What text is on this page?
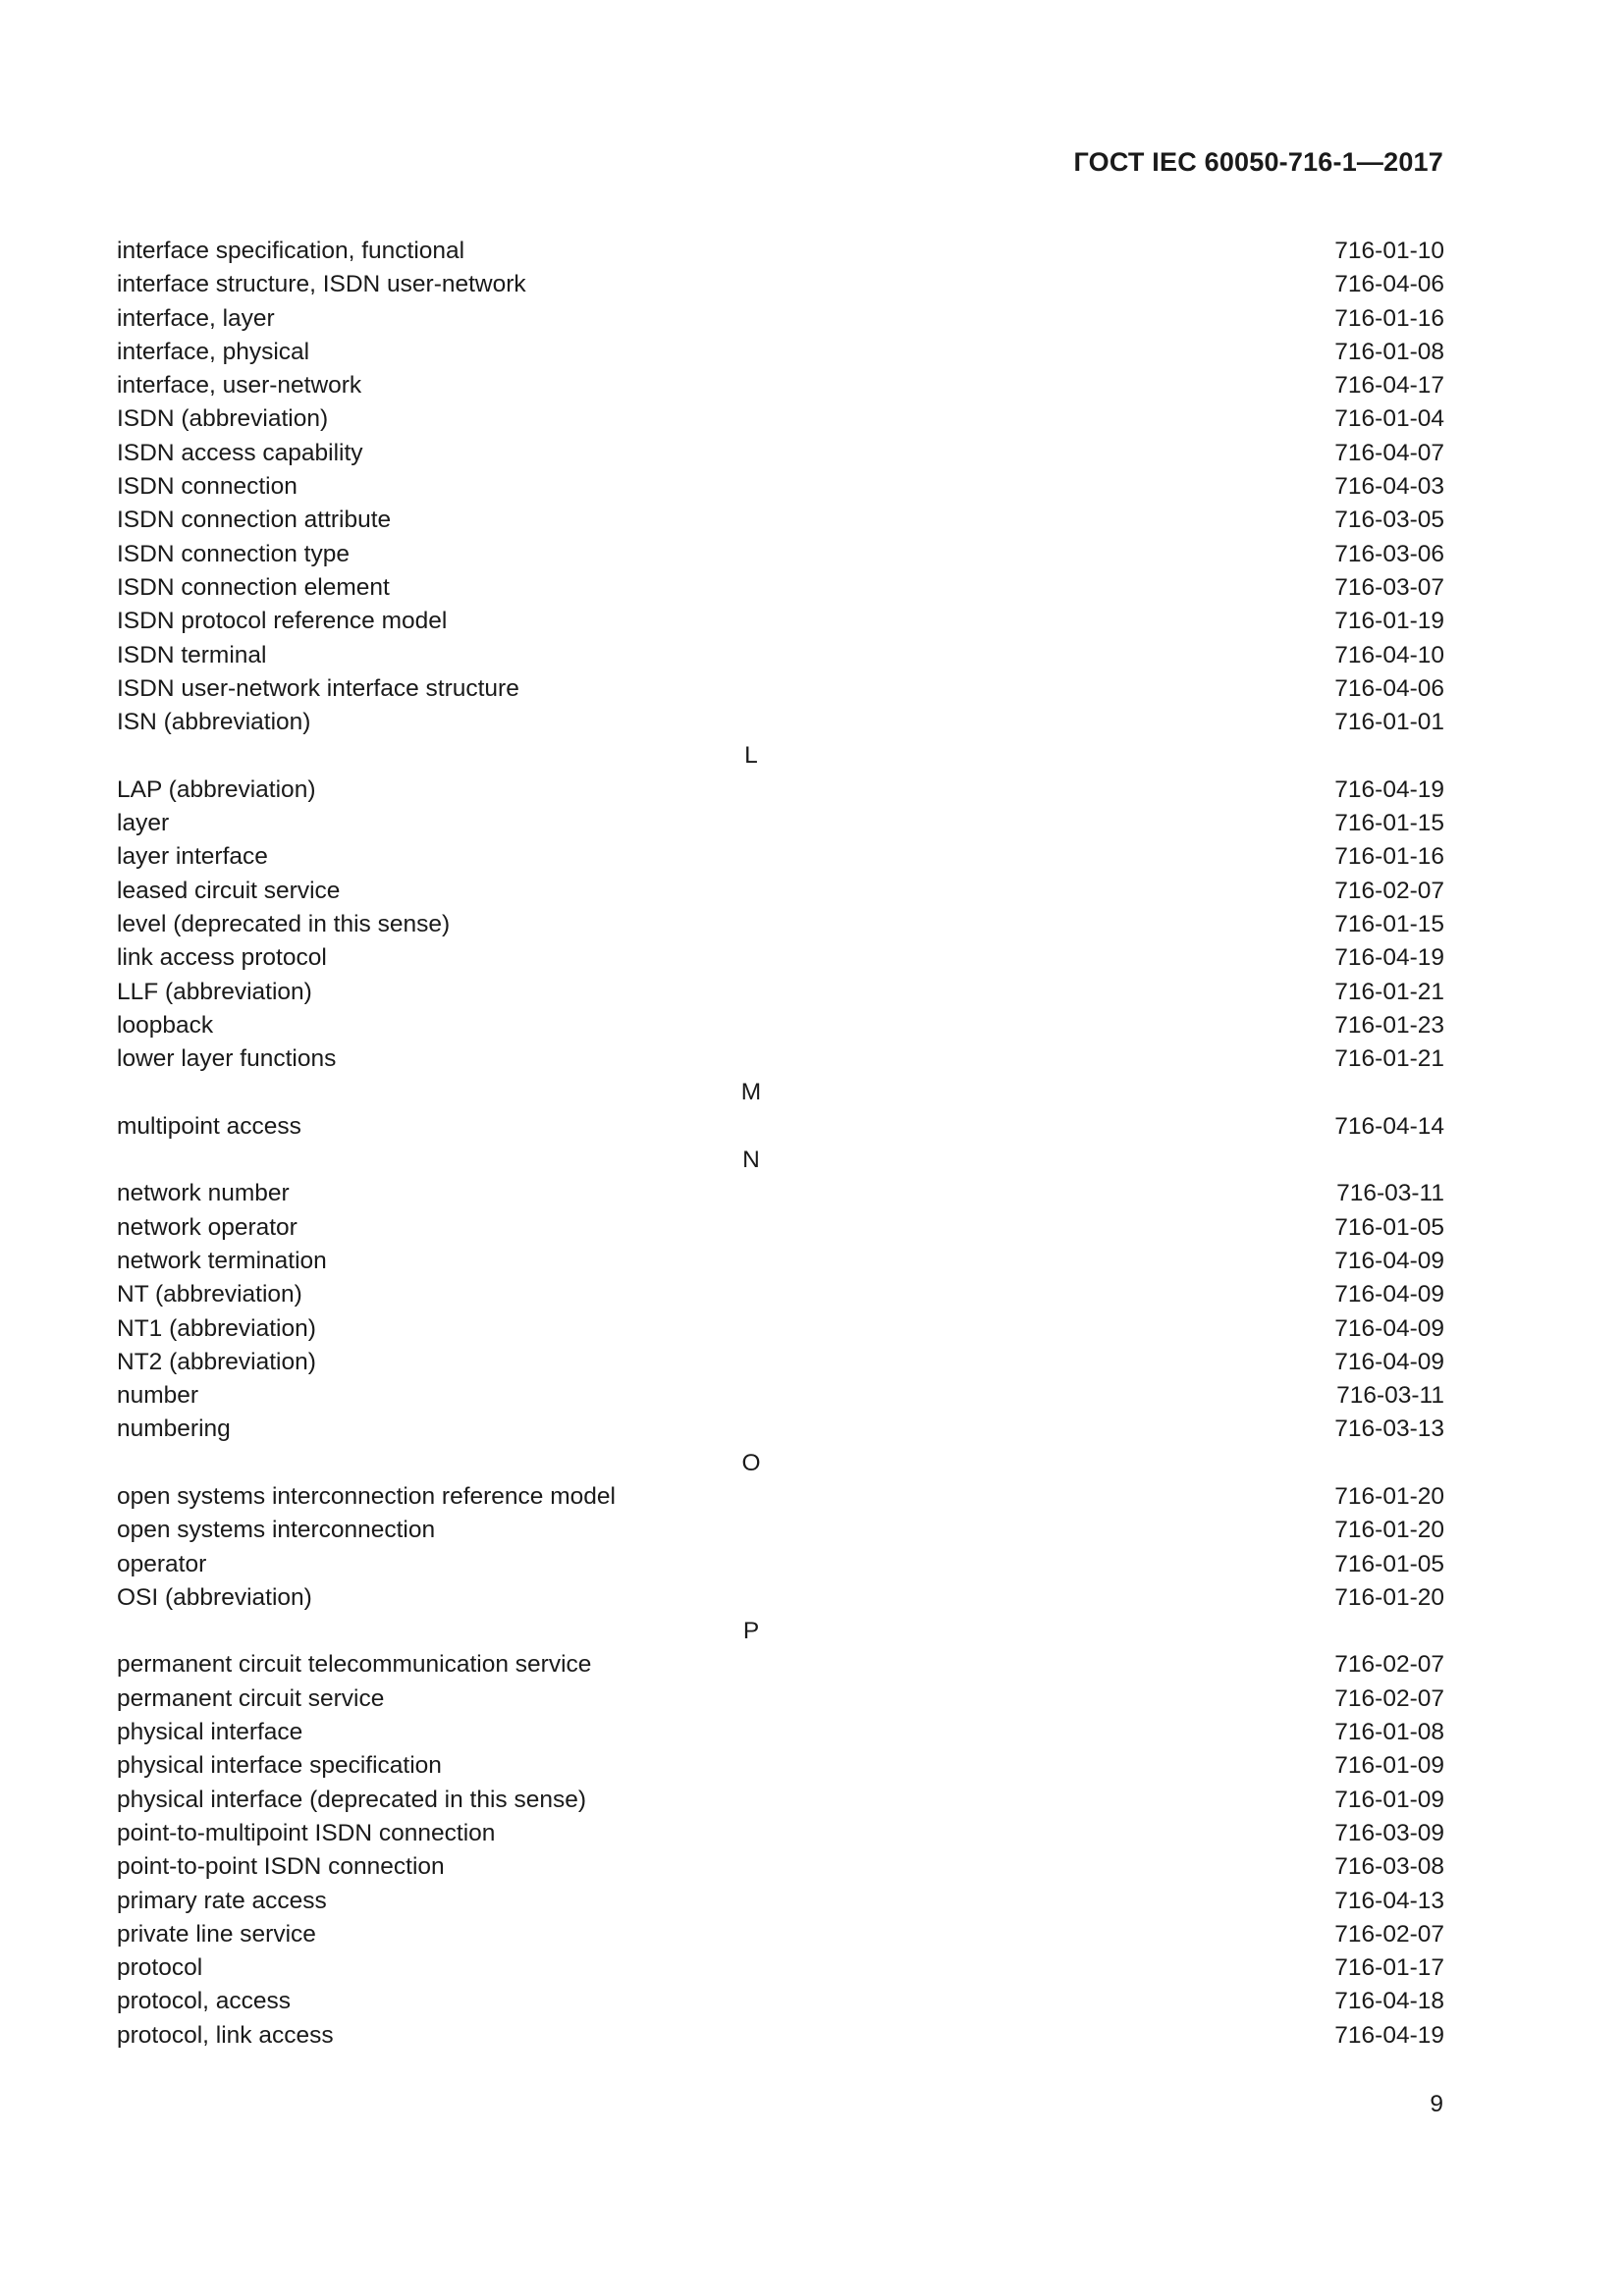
ГОСТ IEC 60050-716-1—2017
interface specification, functional	716-01-10
interface structure, ISDN user-network	716-04-06
interface, layer	716-01-16
interface, physical	716-01-08
interface, user-network	716-04-17
ISDN (abbreviation)	716-01-04
ISDN access capability	716-04-07
ISDN connection	716-04-03
ISDN connection attribute	716-03-05
ISDN connection type	716-03-06
ISDN connection element	716-03-07
ISDN protocol reference model	716-01-19
ISDN terminal	716-04-10
ISDN user-network interface structure	716-04-06
ISN (abbreviation)	716-01-01
L
LAP (abbreviation)	716-04-19
layer	716-01-15
layer interface	716-01-16
leased circuit service	716-02-07
level (deprecated in this sense)	716-01-15
link access protocol	716-04-19
LLF (abbreviation)	716-01-21
loopback	716-01-23
lower layer functions	716-01-21
M
multipoint access	716-04-14
N
network number	716-03-11
network operator	716-01-05
network termination	716-04-09
NT (abbreviation)	716-04-09
NT1 (abbreviation)	716-04-09
NT2 (abbreviation)	716-04-09
number	716-03-11
numbering	716-03-13
O
open systems interconnection reference model	716-01-20
open systems interconnection	716-01-20
operator	716-01-05
OSI (abbreviation)	716-01-20
P
permanent circuit telecommunication service	716-02-07
permanent circuit service	716-02-07
physical interface	716-01-08
physical interface specification	716-01-09
physical interface (deprecated in this sense)	716-01-09
point-to-multipoint ISDN connection	716-03-09
point-to-point ISDN connection	716-03-08
primary rate access	716-04-13
private line service	716-02-07
protocol	716-01-17
protocol, access	716-04-18
protocol, link access	716-04-19
9
